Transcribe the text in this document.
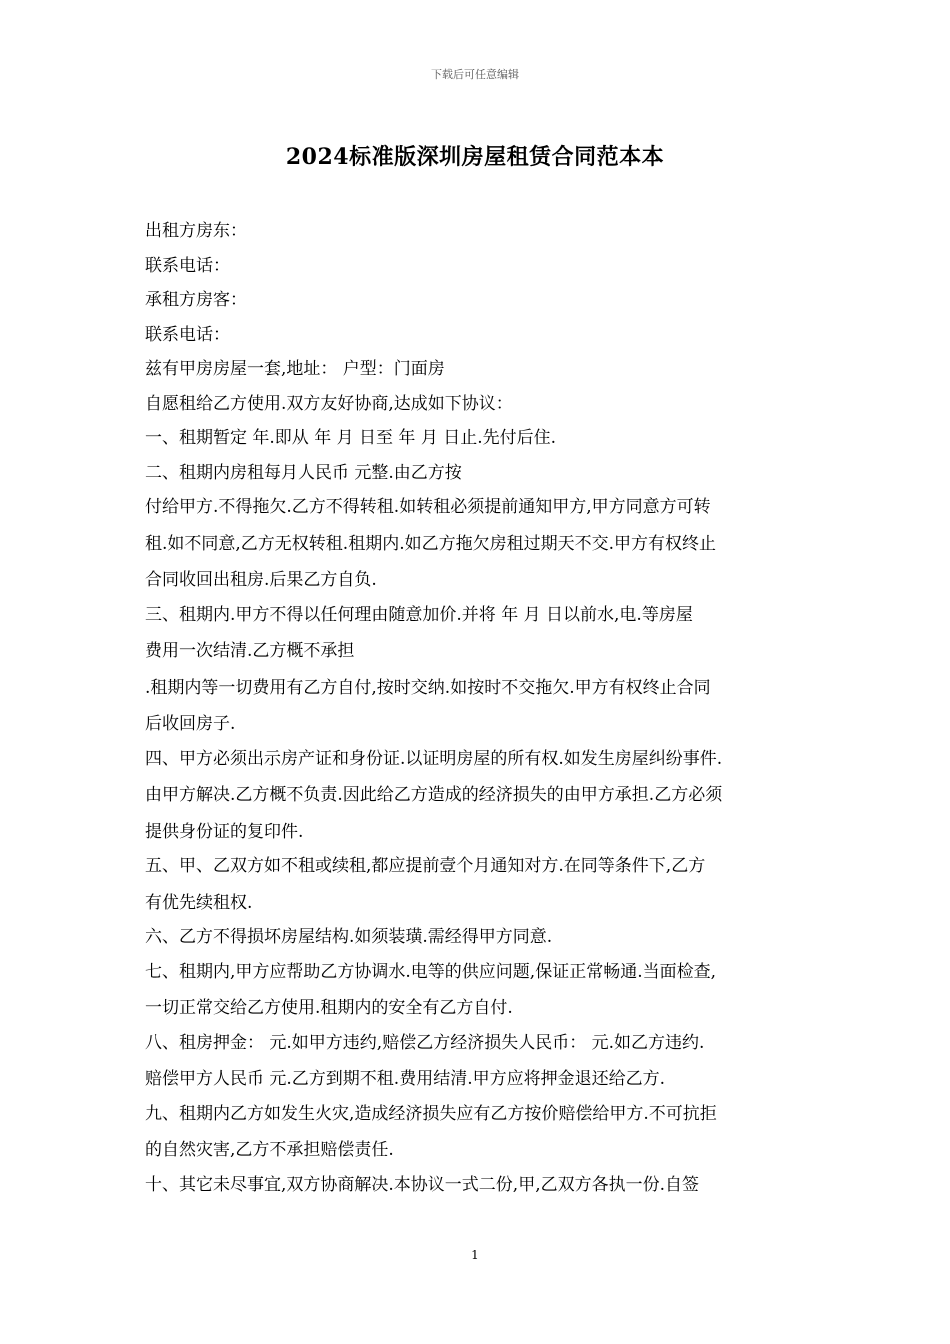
下载后可任意编辑
2024标准版深圳房屋租赁合同范本本
出租方房东：
联系电话：
承租方房客：
联系电话：
兹有甲房房屋一套,地址： 户型：门面房
自愿租给乙方使用.双方友好协商,达成如下协议：
一、租期暂定 年.即从 年 月 日至 年 月 日止.先付后住.
二、租期内房租每月人民币 元整.由乙方按
付给甲方.不得拖欠.乙方不得转租.如转租必须提前通知甲方,甲方同意方可转
租.如不同意,乙方无权转租.租期内.如乙方拖欠房租过期天不交.甲方有权终止
合同收回出租房.后果乙方自负.
三、租期内.甲方不得以任何理由随意加价.并将 年 月 日以前水,电.等房屋
费用一次结清.乙方概不承担
.租期内等一切费用有乙方自付,按时交纳.如按时不交拖欠.甲方有权终止合同
后收回房子.
四、甲方必须出示房产证和身份证.以证明房屋的所有权.如发生房屋纠纷事件.
由甲方解决.乙方概不负责.因此给乙方造成的经济损失的由甲方承担.乙方必须
提供身份证的复印件.
五、甲、乙双方如不租或续租,都应提前壹个月通知对方.在同等条件下,乙方
有优先续租权.
六、乙方不得损坏房屋结构.如须装璜.需经得甲方同意.
七、租期内,甲方应帮助乙方协调水.电等的供应问题,保证正常畅通.当面检查,
一切正常交给乙方使用.租期内的安全有乙方自付.
八、租房押金： 元.如甲方违约,赔偿乙方经济损失人民币： 元.如乙方违约.
赔偿甲方人民币 元.乙方到期不租.费用结清.甲方应将押金退还给乙方.
九、租期内乙方如发生火灾,造成经济损失应有乙方按价赔偿给甲方.不可抗拒
的自然灾害,乙方不承担赔偿责任.
十、其它未尽事宜,双方协商解决.本协议一式二份,甲,乙双方各执一份.自签
1
